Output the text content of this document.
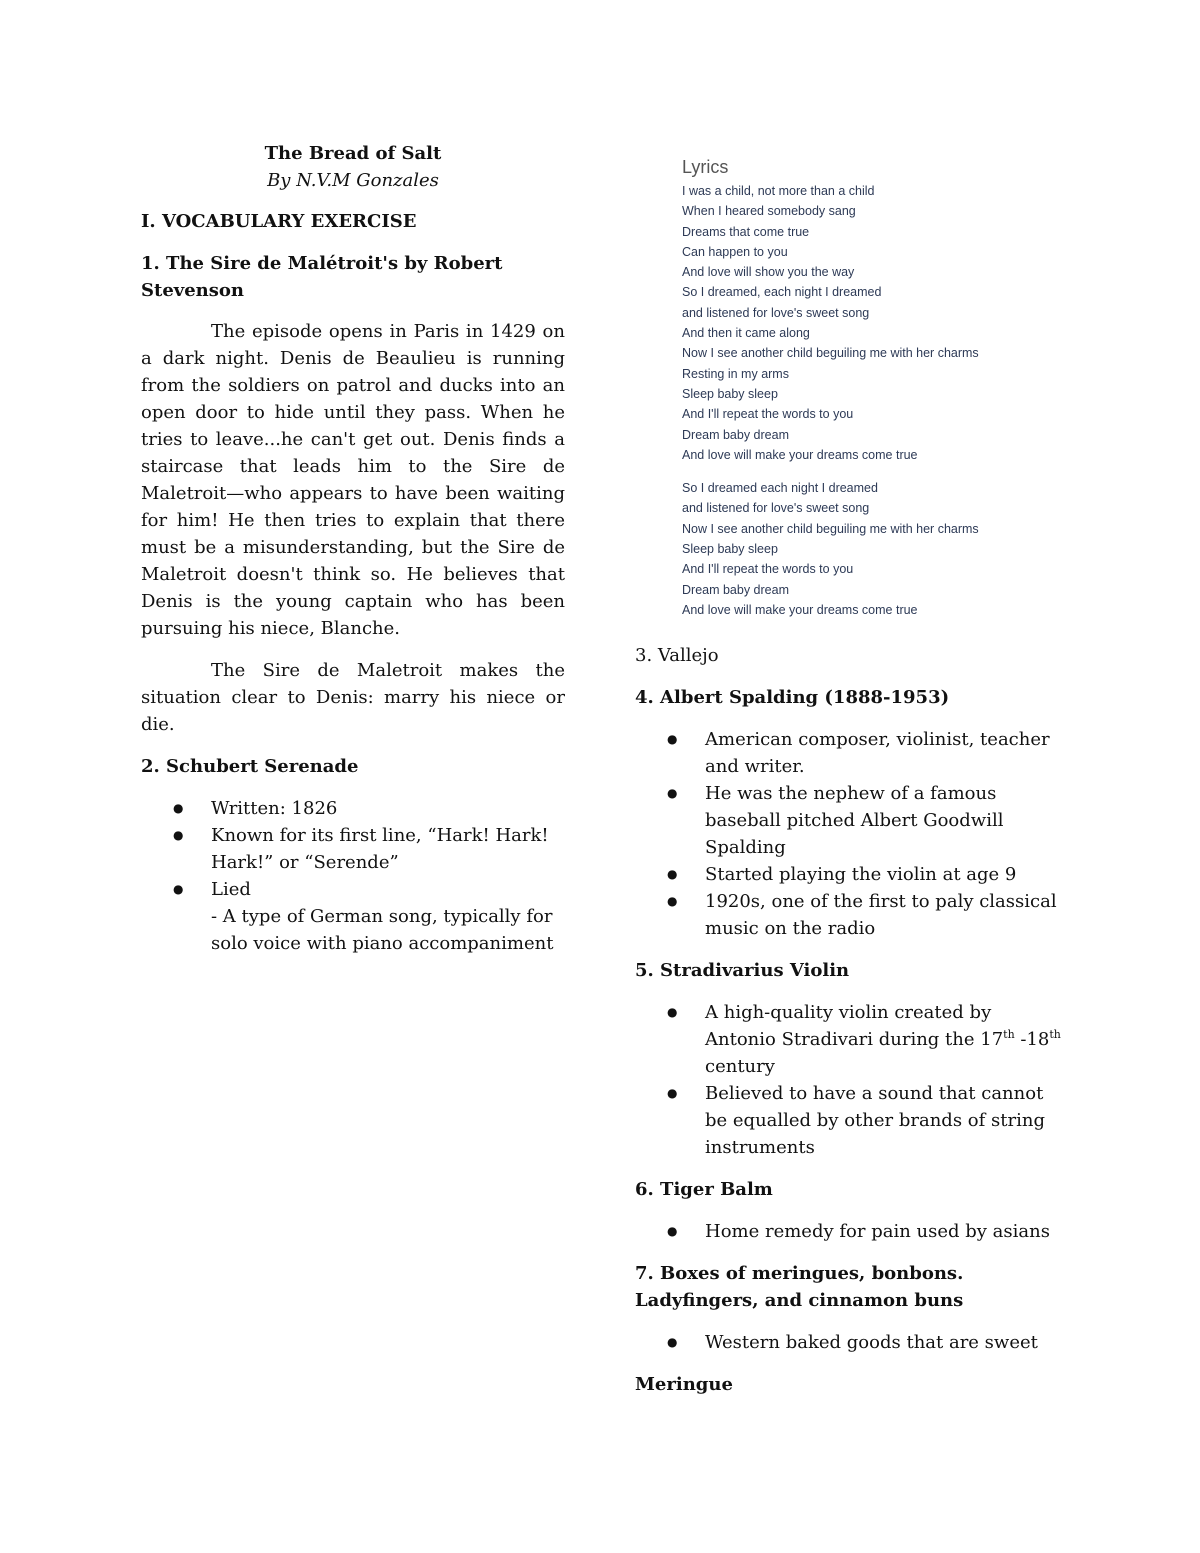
The Bread of Salt

By N.V.M Gonzales

I. VOCABULARY EXERCISE

1. The Sire de Malétroit's by Robert
Stevenson

The episode opens in Paris in 1429 on a dark night. Denis de Beaulieu is running from the soldiers on patrol and ducks into an open door to hide until they pass. When he tries to leave...he can't get out. Denis finds a staircase that leads him to the Sire de Maletroit—who appears to have been waiting for him! He then tries to explain that there must be a misunderstanding, but the Sire de Maletroit doesn't think so. He believes that Denis is the young captain who has been pursuing his niece, Blanche.

The Sire de Maletroit makes the situation clear to Denis: marry his niece or die.

2. Schubert Serenade

● Written: 1826
● Known for its first line, “Hark! Hark! Hark!” or “Serende”
● Lied
- A type of German song, typically for solo voice with piano accompaniment
Lyrics
I was a child, not more than a child
When I heared somebody sang
Dreams that come true
Can happen to you
And love will show you the way
So I dreamed, each night I dreamed
and listened for love's sweet song
And then it came along
Now I see another child beguiling me with her charms
Resting in my arms
Sleep baby sleep
And I'll repeat the words to you
Dream baby dream
And love will make your dreams come true
So I dreamed each night I dreamed
and listened for love's sweet song
Now I see another child beguiling me with her charms
Sleep baby sleep
And I'll repeat the words to you
Dream baby dream
And love will make your dreams come true

3. Vallejo

4. Albert Spalding (1888-1953)

● American composer, violinist, teacher and writer.
● He was the nephew of a famous baseball pitched Albert Goodwill Spalding
● Started playing the violin at age 9
● 1920s, one of the first to paly classical music on the radio

5. Stradivarius Violin

● A high-quality violin created by Antonio Stradivari during the 17th -18th century
● Believed to have a sound that cannot be equalled by other brands of string instruments

6. Tiger Balm

● Home remedy for pain used by asians

7. Boxes of meringues, bonbons. Ladyfingers, and cinnamon buns

● Western baked goods that are sweet

Meringue
